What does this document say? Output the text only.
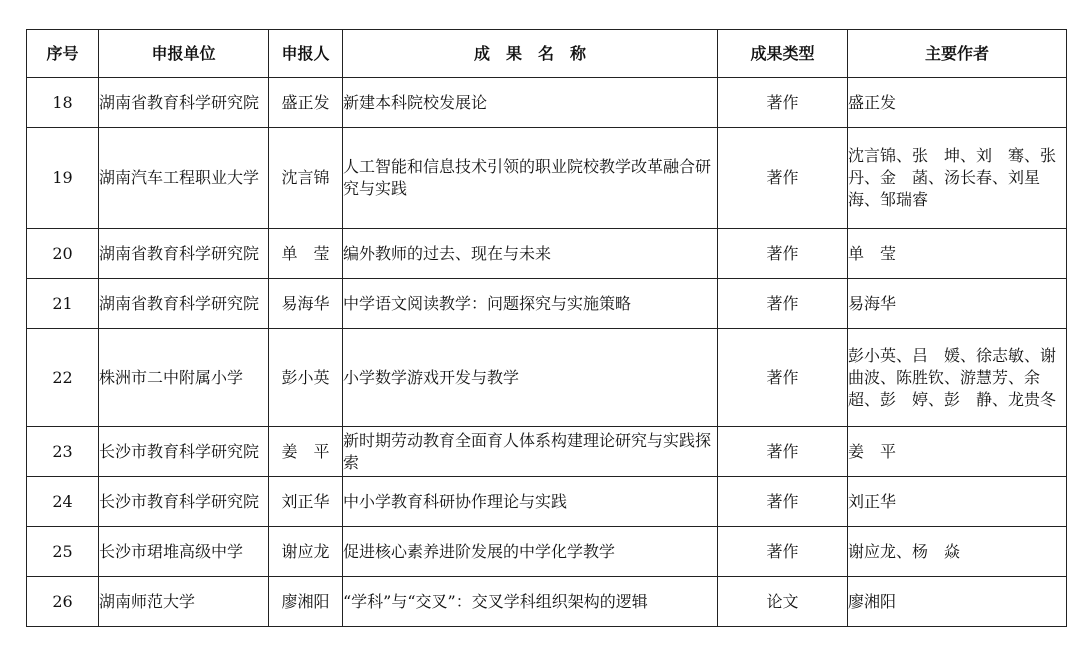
序号	申报单位	申报人	成　果　名　称	成果类型	主要作者
18	湖南省教育科学研究院	盛正发	新建本科院校发展论	著作	盛正发
19	湖南汽车工程职业大学	沈言锦	人工智能和信息技术引领的职业院校教学改革融合研究与实践	著作	沈言锦、张　坤、刘　骞、张　丹、金　菡、汤长春、刘星海、邹瑞睿
20	湖南省教育科学研究院	单　莹	编外教师的过去、现在与未来	著作	单　莹
21	湖南省教育科学研究院	易海华	中学语文阅读教学：问题探究与实施策略	著作	易海华
22	株洲市二中附属小学	彭小英	小学数学游戏开发与教学	著作	彭小英、吕　媛、徐志敏、谢曲波、陈胜钦、游慧芳、余　超、彭　婷、彭　静、龙贵冬
23	长沙市教育科学研究院	姜　平	新时期劳动教育全面育人体系构建理论研究与实践探索	著作	姜　平
24	长沙市教育科学研究院	刘正华	中小学教育科研协作理论与实践	著作	刘正华
25	长沙市珺堆高级中学	谢应龙	促进核心素养进阶发展的中学化学教学	著作	谢应龙、杨　焱
26	湖南师范大学	廖湘阳	“学科”与“交叉”：交叉学科组织架构的逻辑	论文	廖湘阳
